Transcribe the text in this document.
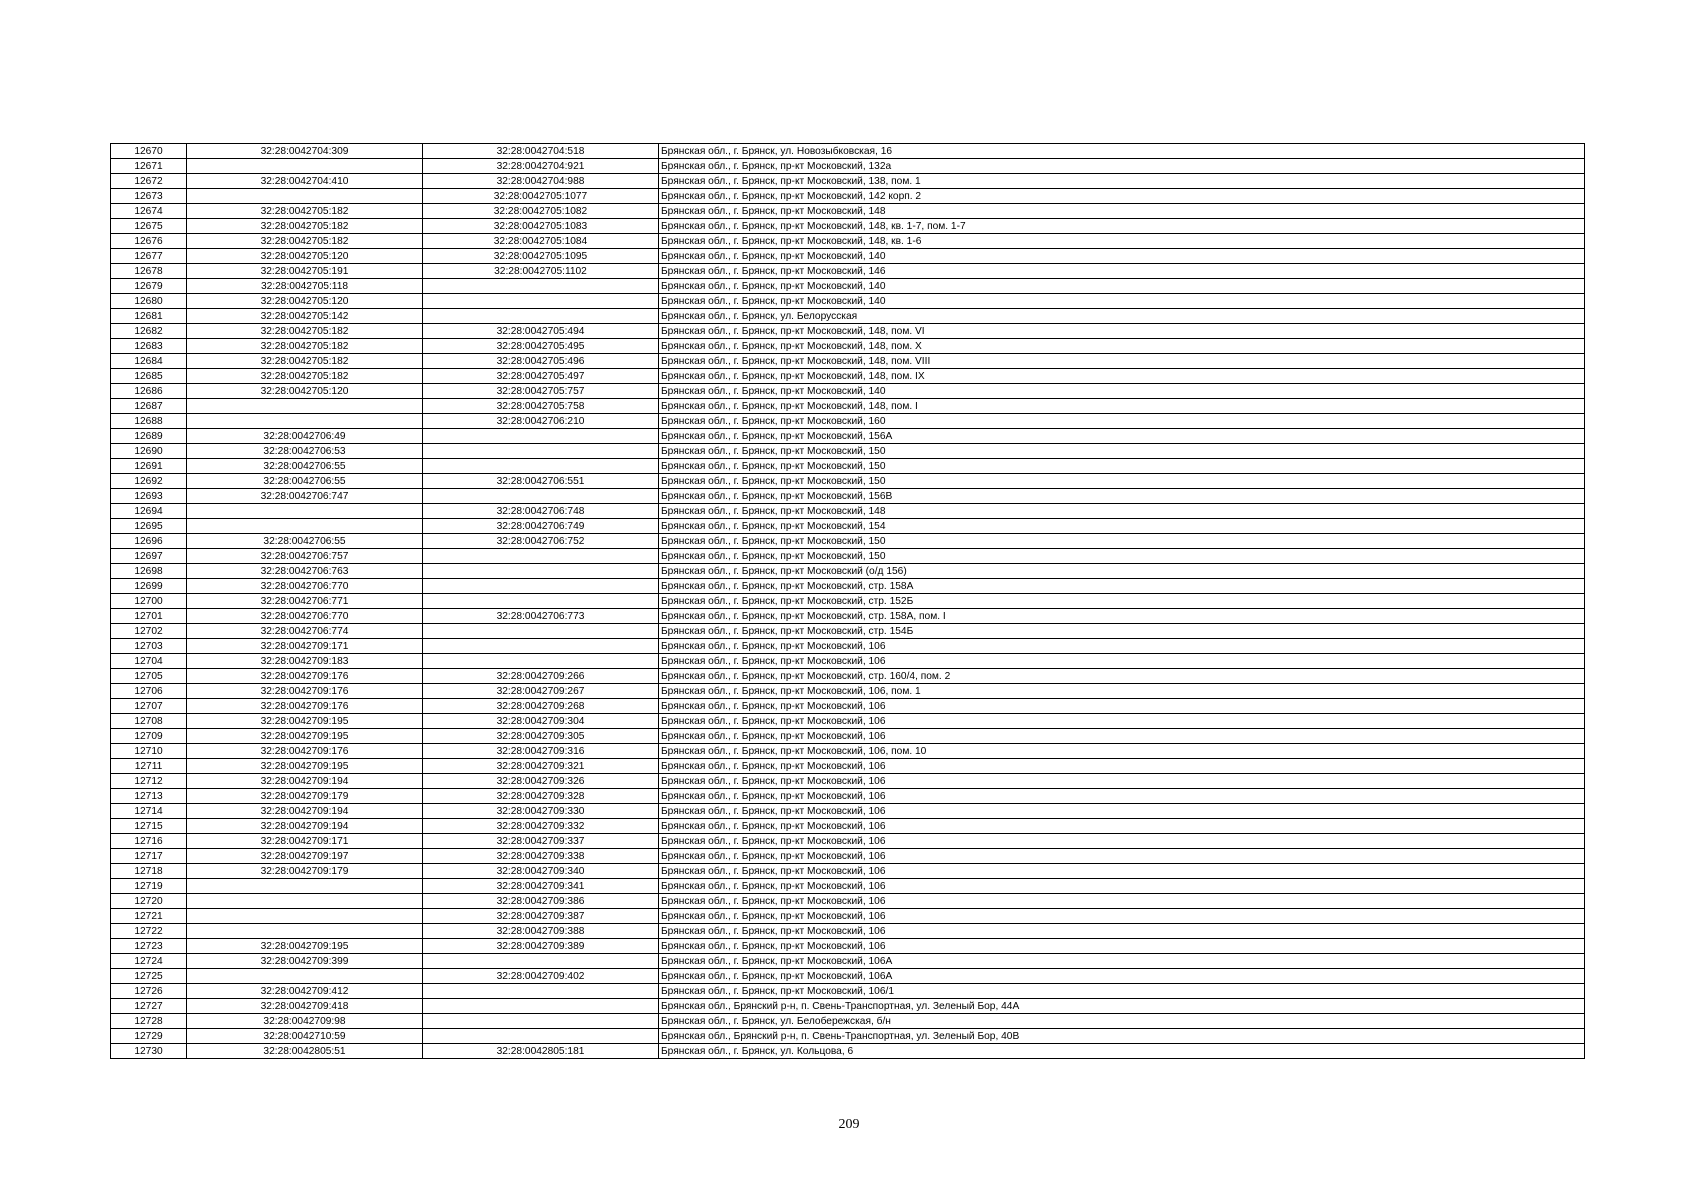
12670	32:28:0042704:309	32:28:0042704:518	Брянская обл., г. Брянск, ул. Новозыбковская, 16
12671		32:28:0042704:921	Брянская обл., г. Брянск, пр-кт Московский, 132а
12672	32:28:0042704:410	32:28:0042704:988	Брянская обл., г. Брянск, пр-кт Московский, 138, пом. 1
12673		32:28:0042705:1077	Брянская обл., г. Брянск, пр-кт Московский, 142 корп. 2
12674	32:28:0042705:182	32:28:0042705:1082	Брянская обл., г. Брянск, пр-кт Московский, 148
12675	32:28:0042705:182	32:28:0042705:1083	Брянская обл., г. Брянск, пр-кт Московский, 148, кв. 1-7, пом. 1-7
12676	32:28:0042705:182	32:28:0042705:1084	Брянская обл., г. Брянск, пр-кт Московский, 148, кв. 1-6
12677	32:28:0042705:120	32:28:0042705:1095	Брянская обл., г. Брянск, пр-кт Московский, 140
12678	32:28:0042705:191	32:28:0042705:1102	Брянская обл., г. Брянск, пр-кт Московский, 146
12679	32:28:0042705:118		Брянская обл., г. Брянск, пр-кт Московский, 140
12680	32:28:0042705:120		Брянская обл., г. Брянск, пр-кт Московский, 140
12681	32:28:0042705:142		Брянская обл., г. Брянск, ул. Белорусская
12682	32:28:0042705:182	32:28:0042705:494	Брянская обл., г. Брянск, пр-кт Московский, 148, пом. VI
12683	32:28:0042705:182	32:28:0042705:495	Брянская обл., г. Брянск, пр-кт Московский, 148, пом. X
12684	32:28:0042705:182	32:28:0042705:496	Брянская обл., г. Брянск, пр-кт Московский, 148, пом. VIII
12685	32:28:0042705:182	32:28:0042705:497	Брянская обл., г. Брянск, пр-кт Московский, 148, пом. IX
12686	32:28:0042705:120	32:28:0042705:757	Брянская обл., г. Брянск, пр-кт Московский, 140
12687		32:28:0042705:758	Брянская обл., г. Брянск, пр-кт Московский, 148, пом. I
12688		32:28:0042706:210	Брянская обл., г. Брянск, пр-кт Московский, 160
12689	32:28:0042706:49		Брянская обл., г. Брянск, пр-кт Московский, 156А
12690	32:28:0042706:53		Брянская обл., г. Брянск, пр-кт Московский, 150
12691	32:28:0042706:55		Брянская обл., г. Брянск, пр-кт Московский, 150
12692	32:28:0042706:55	32:28:0042706:551	Брянская обл., г. Брянск, пр-кт Московский, 150
12693	32:28:0042706:747		Брянская обл., г. Брянск, пр-кт Московский, 156В
12694		32:28:0042706:748	Брянская обл., г. Брянск, пр-кт Московский, 148
12695		32:28:0042706:749	Брянская обл., г. Брянск, пр-кт Московский, 154
12696	32:28:0042706:55	32:28:0042706:752	Брянская обл., г. Брянск, пр-кт Московский, 150
12697	32:28:0042706:757		Брянская обл., г. Брянск, пр-кт Московский, 150
12698	32:28:0042706:763		Брянская обл., г. Брянск, пр-кт Московский (о/д 156)
12699	32:28:0042706:770		Брянская обл., г. Брянск, пр-кт Московский, стр. 158А
12700	32:28:0042706:771		Брянская обл., г. Брянск, пр-кт Московский, стр. 152Б
12701	32:28:0042706:770	32:28:0042706:773	Брянская обл., г. Брянск, пр-кт Московский, стр. 158А, пом. I
12702	32:28:0042706:774		Брянская обл., г. Брянск, пр-кт Московский, стр. 154Б
12703	32:28:0042709:171		Брянская обл., г. Брянск, пр-кт Московский, 106
12704	32:28:0042709:183		Брянская обл., г. Брянск, пр-кт Московский, 106
12705	32:28:0042709:176	32:28:0042709:266	Брянская обл., г. Брянск, пр-кт Московский, стр. 160/4, пом. 2
12706	32:28:0042709:176	32:28:0042709:267	Брянская обл., г. Брянск, пр-кт Московский, 106, пом. 1
12707	32:28:0042709:176	32:28:0042709:268	Брянская обл., г. Брянск, пр-кт Московский, 106
12708	32:28:0042709:195	32:28:0042709:304	Брянская обл., г. Брянск, пр-кт Московский, 106
12709	32:28:0042709:195	32:28:0042709:305	Брянская обл., г. Брянск, пр-кт Московский, 106
12710	32:28:0042709:176	32:28:0042709:316	Брянская обл., г. Брянск, пр-кт Московский, 106, пом. 10
12711	32:28:0042709:195	32:28:0042709:321	Брянская обл., г. Брянск, пр-кт Московский, 106
12712	32:28:0042709:194	32:28:0042709:326	Брянская обл., г. Брянск, пр-кт Московский, 106
12713	32:28:0042709:179	32:28:0042709:328	Брянская обл., г. Брянск, пр-кт Московский, 106
12714	32:28:0042709:194	32:28:0042709:330	Брянская обл., г. Брянск, пр-кт Московский, 106
12715	32:28:0042709:194	32:28:0042709:332	Брянская обл., г. Брянск, пр-кт Московский, 106
12716	32:28:0042709:171	32:28:0042709:337	Брянская обл., г. Брянск, пр-кт Московский, 106
12717	32:28:0042709:197	32:28:0042709:338	Брянская обл., г. Брянск, пр-кт Московский, 106
12718	32:28:0042709:179	32:28:0042709:340	Брянская обл., г. Брянск, пр-кт Московский, 106
12719		32:28:0042709:341	Брянская обл., г. Брянск, пр-кт Московский, 106
12720		32:28:0042709:386	Брянская обл., г. Брянск, пр-кт Московский, 106
12721		32:28:0042709:387	Брянская обл., г. Брянск, пр-кт Московский, 106
12722		32:28:0042709:388	Брянская обл., г. Брянск, пр-кт Московский, 106
12723	32:28:0042709:195	32:28:0042709:389	Брянская обл., г. Брянск, пр-кт Московский, 106
12724	32:28:0042709:399		Брянская обл., г. Брянск, пр-кт Московский, 106А
12725		32:28:0042709:402	Брянская обл., г. Брянск, пр-кт Московский, 106А
12726	32:28:0042709:412		Брянская обл., г. Брянск, пр-кт Московский, 106/1
12727	32:28:0042709:418		Брянская обл., Брянский р-н, п. Свень-Транспортная, ул. Зеленый Бор, 44А
12728	32:28:0042709:98		Брянская обл., г. Брянск, ул. Белобережская, б/н
12729	32:28:0042710:59		Брянская обл., Брянский р-н, п. Свень-Транспортная, ул. Зеленый Бор, 40В
12730	32:28:0042805:51	32:28:0042805:181	Брянская обл., г. Брянск, ул. Кольцова, 6
209
